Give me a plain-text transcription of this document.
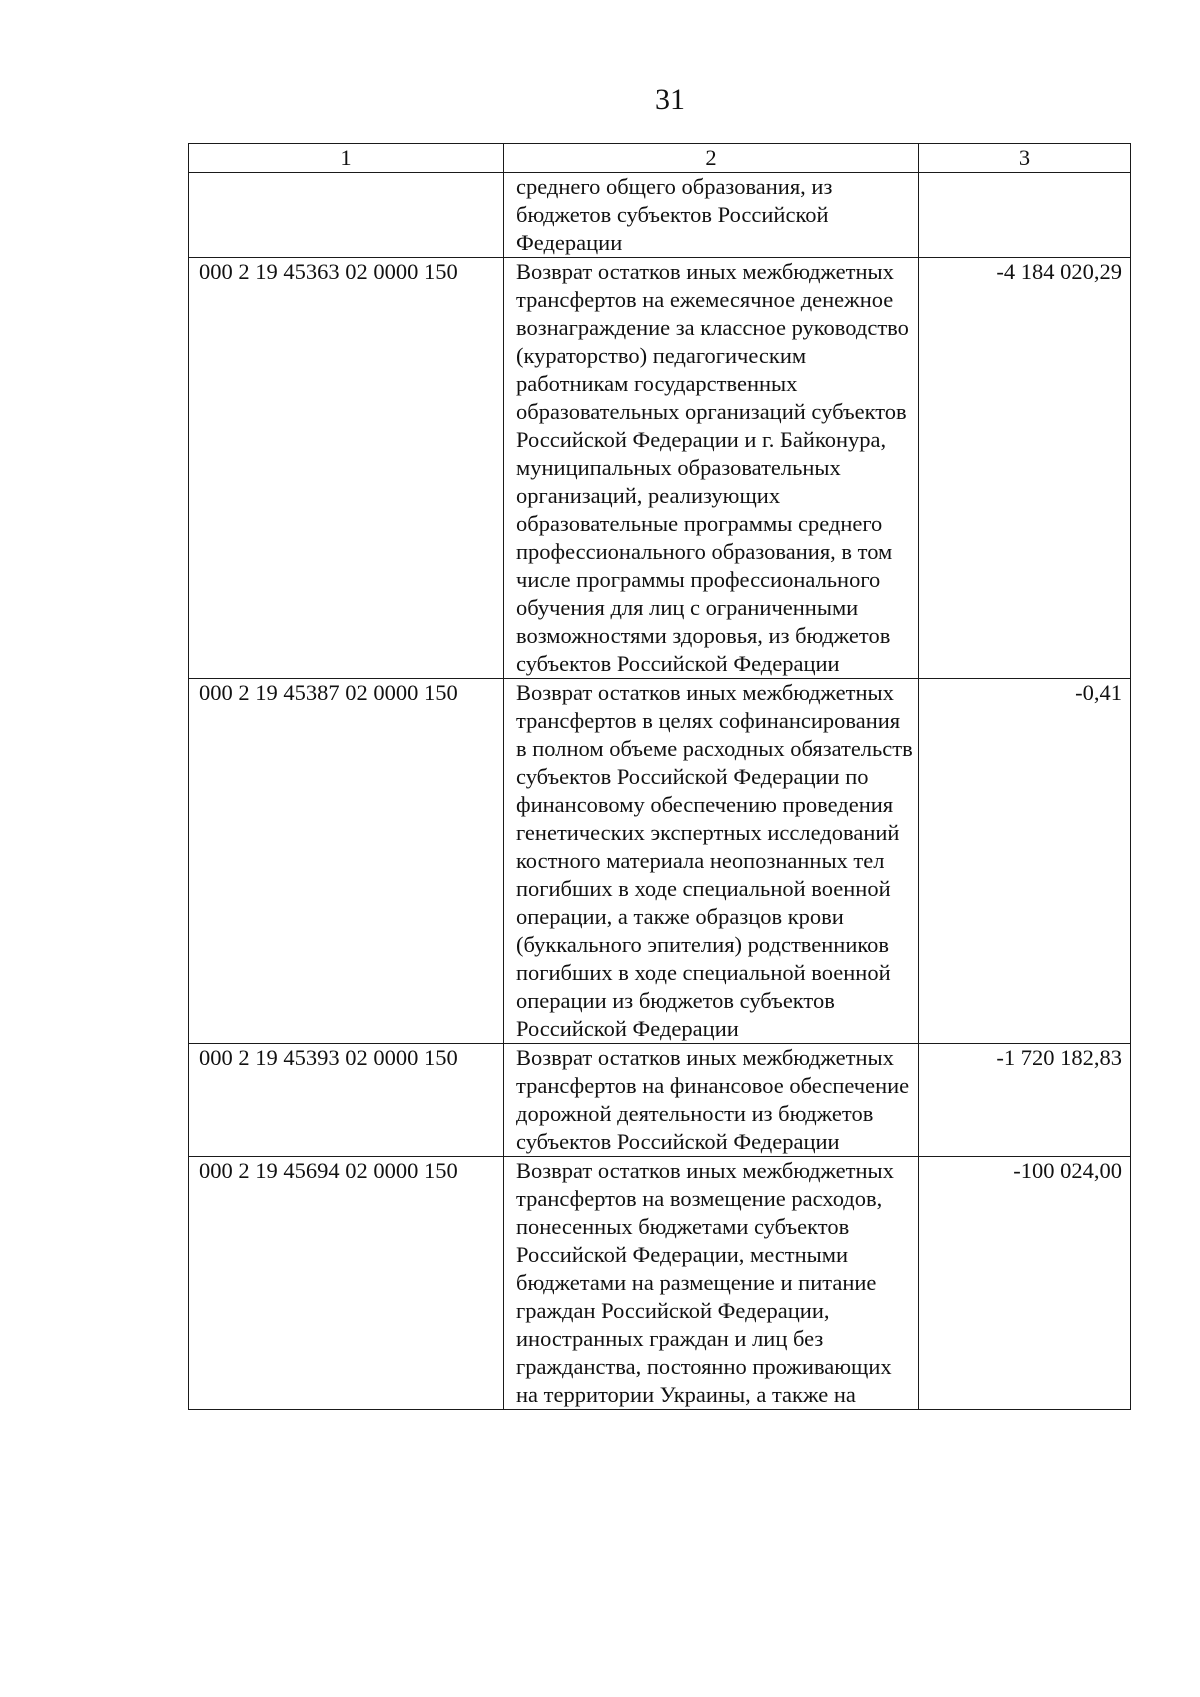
31
1	2	3
	среднего общего образования, из бюджетов субъектов Российской Федерации	
000 2 19 45363 02 0000 150	Возврат остатков иных межбюджетных трансфертов на ежемесячное денежное вознаграждение за классное руководство (кураторство) педагогическим работникам государственных образовательных организаций субъектов Российской Федерации и г. Байконура, муниципальных образовательных организаций, реализующих образовательные программы среднего профессионального образования, в том числе программы профессионального обучения для лиц с ограниченными возможностями здоровья, из бюджетов субъектов Российской Федерации	-4 184 020,29
000 2 19 45387 02 0000 150	Возврат остатков иных межбюджетных трансфертов в целях софинансирования в полном объеме расходных обязательств субъектов Российской Федерации по финансовому обеспечению проведения генетических экспертных исследований костного материала неопознанных тел погибших в ходе специальной военной операции, а также образцов крови (буккального эпителия) родственников погибших в ходе специальной военной операции из бюджетов субъектов Российской Федерации	-0,41
000 2 19 45393 02 0000 150	Возврат остатков иных межбюджетных трансфертов на финансовое обеспечение дорожной деятельности из бюджетов субъектов Российской Федерации	-1 720 182,83
000 2 19 45694 02 0000 150	Возврат остатков иных межбюджетных трансфертов на возмещение расходов, понесенных бюджетами субъектов Российской Федерации, местными бюджетами на размещение и питание граждан Российской Федерации, иностранных граждан и лиц без гражданства, постоянно проживающих на территории Украины, а также на	-100 024,00
